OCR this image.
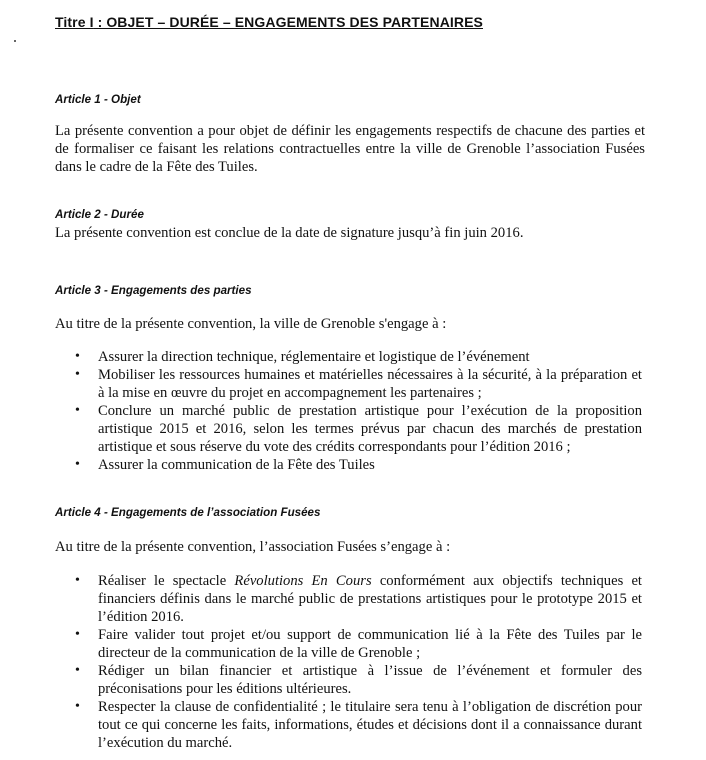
Titre I : OBJET – DURÉE – ENGAGEMENTS DES PARTENAIRES
Article 1 - Objet
La présente convention a pour objet de définir les engagements respectifs de chacune des parties et de formaliser ce faisant les relations contractuelles entre la ville de Grenoble l’association Fusées dans le cadre de la Fête des Tuiles.
Article 2 - Durée
La présente convention est conclue de la date de signature jusqu’à fin juin 2016.
Article 3 - Engagements des parties
Au titre de la présente convention, la ville de Grenoble s'engage à :
• Assurer la direction technique, réglementaire et logistique de l’événement
• Mobiliser les ressources humaines et matérielles nécessaires à la sécurité, à la préparation et à la mise en œuvre du projet en accompagnement les partenaires ;
• Conclure un marché public de prestation artistique pour l’exécution de la proposition artistique 2015 et 2016, selon les termes prévus par chacun des marchés de prestation artistique et sous réserve du vote des crédits correspondants pour l’édition 2016 ;
• Assurer la communication de la Fête des Tuiles
Article 4 - Engagements de l’association Fusées
Au titre de la présente convention, l’association Fusées s’engage à :
• Réaliser le spectacle Révolutions En Cours conformément aux objectifs techniques et financiers définis dans le marché public de prestations artistiques pour le prototype 2015 et l’édition 2016.
• Faire valider tout projet et/ou support de communication lié à la Fête des Tuiles par le directeur de la communication de la ville de Grenoble ;
• Rédiger un bilan financier et artistique à l’issue de l’événement et formuler des préconisations pour les éditions ultérieures.
• Respecter la clause de confidentialité ; le titulaire sera tenu à l’obligation de discrétion pour tout ce qui concerne les faits, informations, études et décisions dont il a connaissance durant l’exécution du marché.
